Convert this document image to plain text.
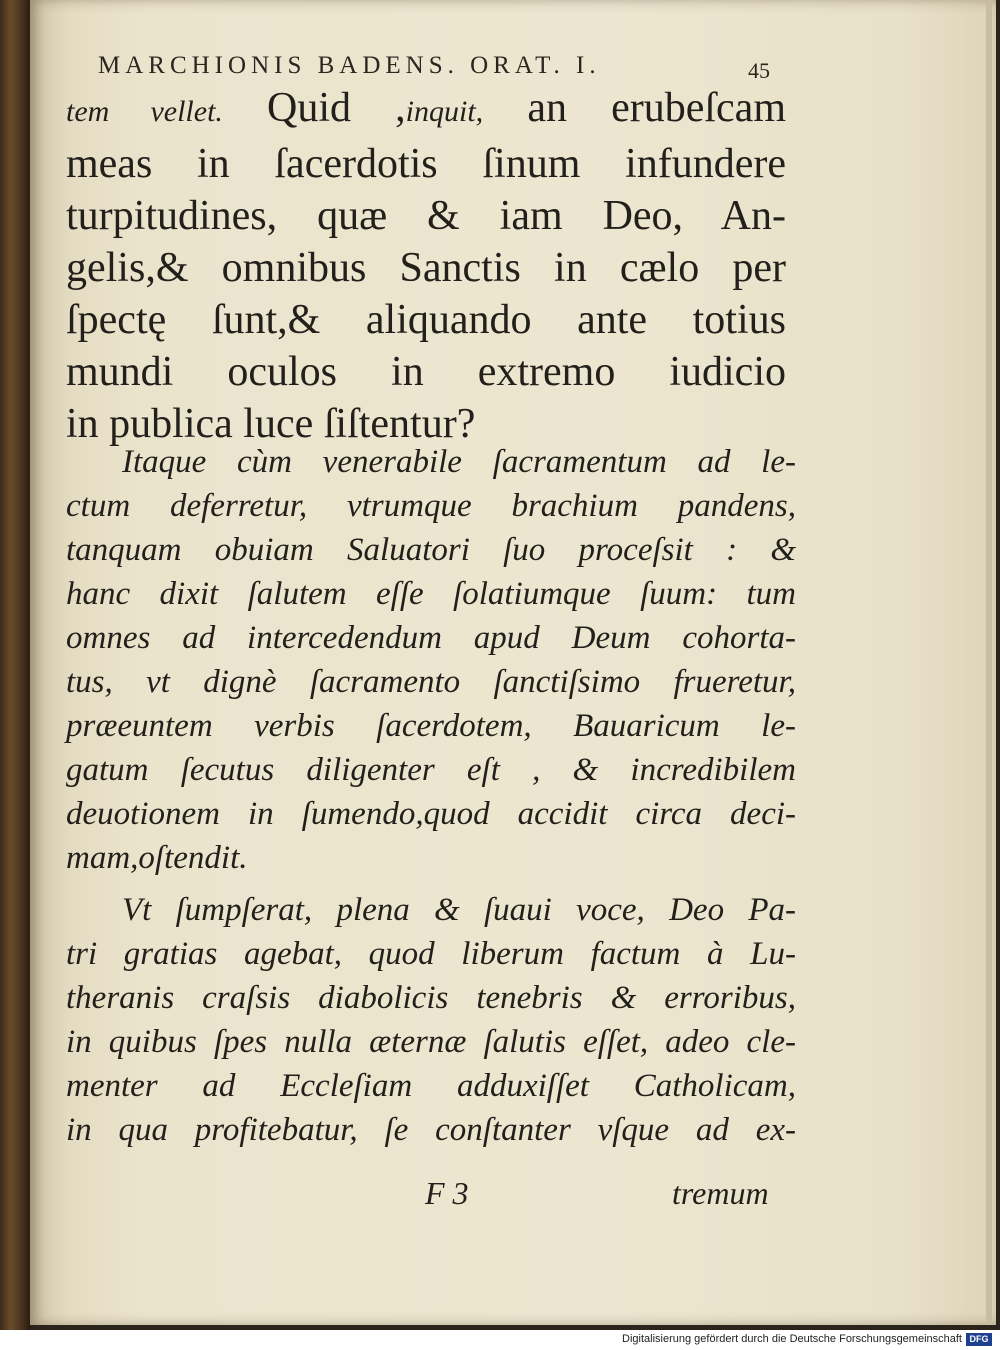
MARCHIONIS BADENS. ORAT. I.	45
tem vellet. Quid ,inquit, an erubeſcam
meas in ſacerdotis ſinum infundere
turpitudines, quæ & iam Deo, An-
gelis,& omnibus Sanctis in cælo per
ſpectę ſunt,& aliquando ante totius
mundi oculos in extremo iudicio
in publica luce ſiſtentur?
Itaque cùm venerabile ſacramentum ad le-
ctum deferretur, vtrumque brachium pandens,
tanquam obuiam Saluatori ſuo proceſsit : &
hanc dixit ſalutem eſſe ſolatiumque ſuum: tum
omnes ad intercedendum apud Deum cohorta-
tus, vt dignè ſacramento ſanctiſsimo frueretur,
præeuntem verbis ſacerdotem, Bauaricum le-
gatum ſecutus diligenter eſt , & incredibilem
deuotionem in ſumendo,quod accidit circa deci-
mam,oſtendit.
Vt ſumpſerat, plena & ſuaui voce, Deo Pa-
tri gratias agebat, quod liberum factum à Lu-
theranis craſsis diabolicis tenebris & erroribus,
in quibus ſpes nulla æternæ ſalutis eſſet, adeo cle-
menter ad Eccleſiam adduxiſſet Catholicam,
in qua profitebatur, ſe conſtanter vſque ad ex-
F 3	tremum
Digitalisierung gefördert durch die Deutsche Forschungsgemeinschaft DFG
